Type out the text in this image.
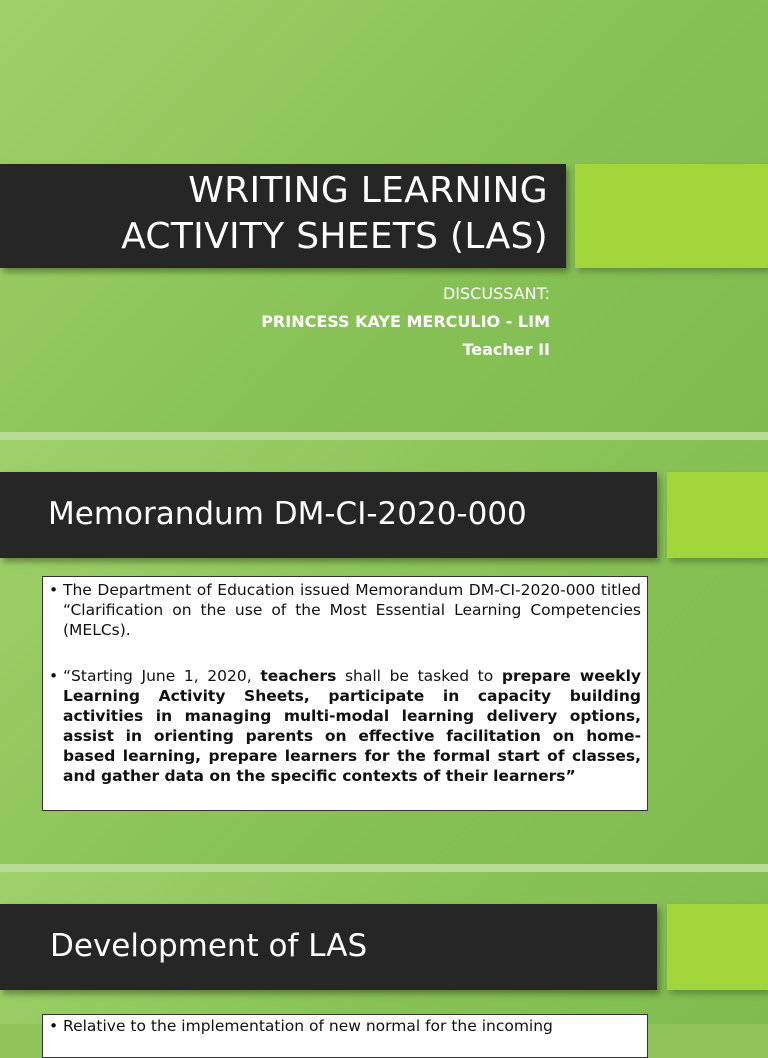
WRITING LEARNING
ACTIVITY SHEETS (LAS)
DISCUSSANT:
PRINCESS KAYE MERCULIO - LIM
Teacher II
Memorandum DM-CI-2020-000
• The Department of Education issued Memorandum DM-CI-2020-000 titled “Clarification on the use of the Most Essential Learning Competencies (MELCs).
• “Starting June 1, 2020, teachers shall be tasked to prepare weekly Learning Activity Sheets, participate in capacity building activities in managing multi-modal learning delivery options, assist in orienting parents on effective facilitation on home-based learning, prepare learners for the formal start of classes, and gather data on the specific contexts of their learners”
Development of LAS
• Relative to the implementation of new normal for the incoming
